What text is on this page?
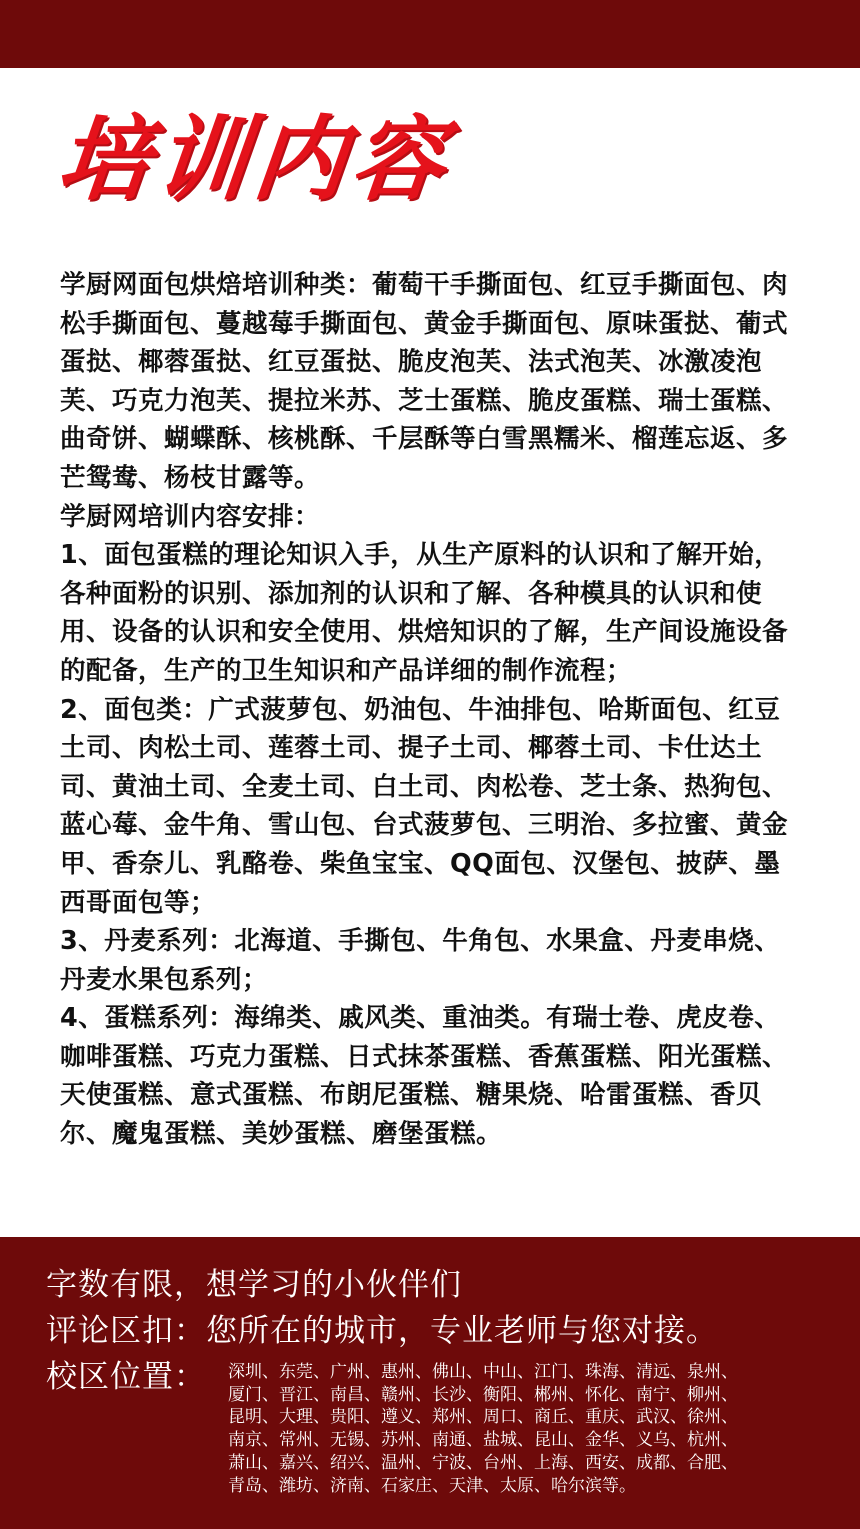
培训内容

学厨网面包烘焙培训种类：葡萄干手撕面包、红豆手撕面包、肉松手撕面包、蔓越莓手撕面包、黄金手撕面包、原味蛋挞、葡式蛋挞、椰蓉蛋挞、红豆蛋挞、脆皮泡芙、法式泡芙、冰激凌泡芙、巧克力泡芙、提拉米苏、芝士蛋糕、脆皮蛋糕、瑞士蛋糕、曲奇饼、蝴蝶酥、核桃酥、千层酥等白雪黑糯米、榴莲忘返、多芒鸳鸯、杨枝甘露等。

学厨网培训内容安排：

1、面包蛋糕的理论知识入手，从生产原料的认识和了解开始，各种面粉的识别、添加剂的认识和了解、各种模具的认识和使用、设备的认识和安全使用、烘焙知识的了解，生产间设施设备的配备，生产的卫生知识和产品详细的制作流程；

2、面包类：广式菠萝包、奶油包、牛油排包、哈斯面包、红豆土司、肉松土司、莲蓉土司、提子土司、椰蓉土司、卡仕达土司、黄油土司、全麦土司、白土司、肉松卷、芝士条、热狗包、蓝心莓、金牛角、雪山包、台式菠萝包、三明治、多拉蜜、黄金甲、香奈儿、乳酪卷、柴鱼宝宝、QQ面包、汉堡包、披萨、墨西哥面包等；

3、丹麦系列：北海道、手撕包、牛角包、水果盒、丹麦串烧、丹麦水果包系列；

4、蛋糕系列：海绵类、戚风类、重油类。有瑞士卷、虎皮卷、咖啡蛋糕、巧克力蛋糕、日式抹茶蛋糕、香蕉蛋糕、阳光蛋糕、天使蛋糕、意式蛋糕、布朗尼蛋糕、糖果烧、哈雷蛋糕、香贝尔、魔鬼蛋糕、美妙蛋糕、磨堡蛋糕。

字数有限，想学习的小伙伴们
评论区扣：您所在的城市，专业老师与您对接。
校区位置： 深圳、东莞、广州、惠州、佛山、中山、江门、珠海、清远、泉州、
厦门、晋江、南昌、赣州、长沙、衡阳、郴州、怀化、南宁、柳州、
昆明、大理、贵阳、遵义、郑州、周口、商丘、重庆、武汉、徐州、
南京、常州、无锡、苏州、南通、盐城、昆山、金华、义乌、杭州、
萧山、嘉兴、绍兴、温州、宁波、台州、上海、西安、成都、合肥、
青岛、潍坊、济南、石家庄、天津、太原、哈尔滨等。
